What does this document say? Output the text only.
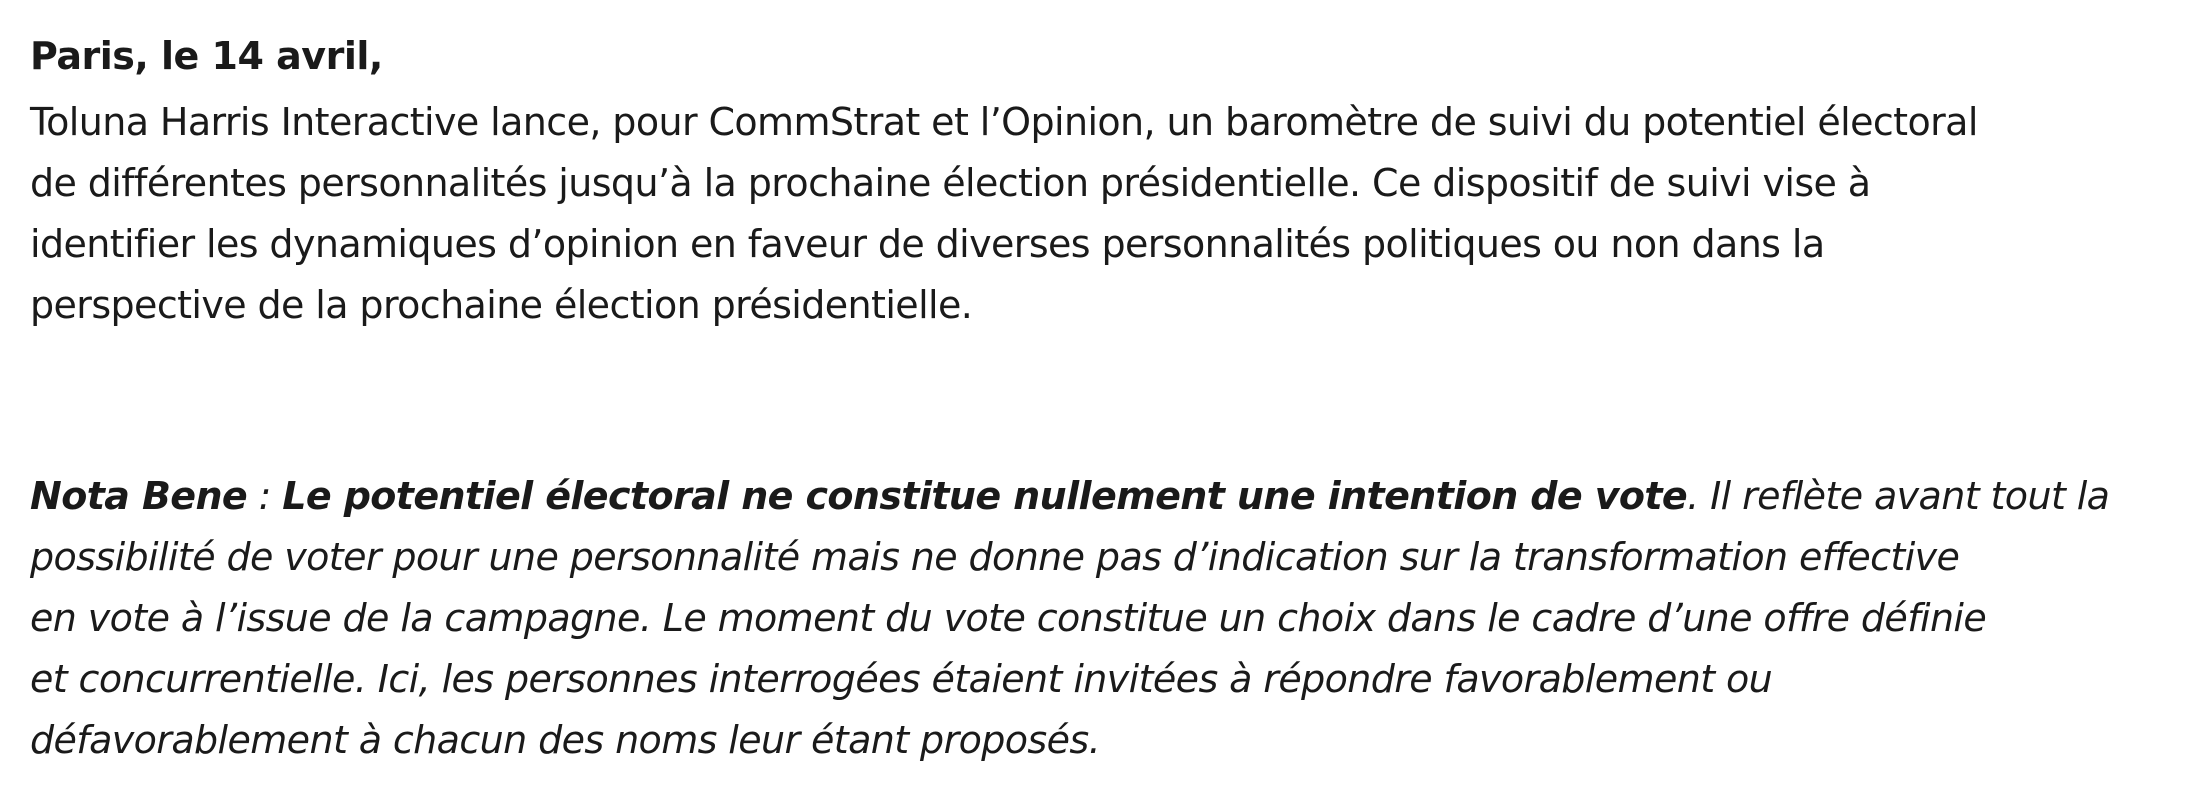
Paris, le 14 avril,
Toluna Harris Interactive lance, pour CommStrat et l’Opinion, un baromètre de suivi du potentiel électoral
de différentes personnalités jusqu’à la prochaine élection présidentielle. Ce dispositif de suivi vise à
identifier les dynamiques d’opinion en faveur de diverses personnalités politiques ou non dans la
perspective de la prochaine élection présidentielle.
Nota Bene : Le potentiel électoral ne constitue nullement une intention de vote. Il reflète avant tout la
possibilité de voter pour une personnalité mais ne donne pas d’indication sur la transformation effective
en vote à l’issue de la campagne. Le moment du vote constitue un choix dans le cadre d’une offre définie
et concurrentielle. Ici, les personnes interrogées étaient invitées à répondre favorablement ou
défavorablement à chacun des noms leur étant proposés.
